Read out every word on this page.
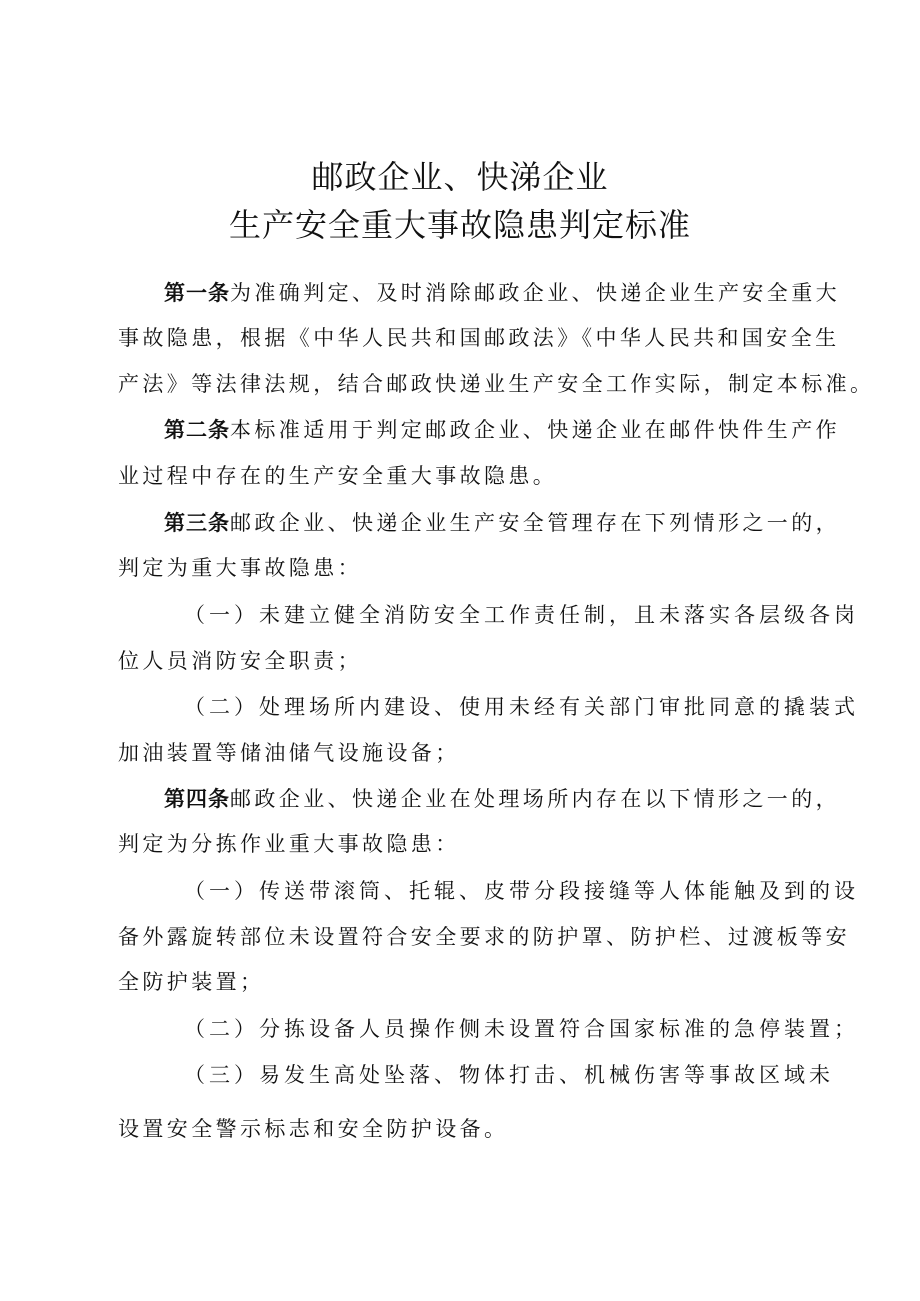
邮政企业、快涕企业
生产安全重大事故隐患判定标准
第一条为准确判定、及时消除邮政企业、快递企业生产安全重大
事故隐患，根据《中华人民共和国邮政法》《中华人民共和国安全生
产法》等法律法规，结合邮政快递业生产安全工作实际，制定本标准。
第二条本标准适用于判定邮政企业、快递企业在邮件快件生产作
业过程中存在的生产安全重大事故隐患。
第三条邮政企业、快递企业生产安全管理存在下列情形之一的，
判定为重大事故隐患：
（一）未建立健全消防安全工作责任制，且未落实各层级各岗
位人员消防安全职责；
（二）处理场所内建设、使用未经有关部门审批同意的撬装式
加油装置等储油储气设施设备；
第四条邮政企业、快递企业在处理场所内存在以下情形之一的，
判定为分拣作业重大事故隐患：
（一）传送带滚筒、托辊、皮带分段接缝等人体能触及到的设
备外露旋转部位未设置符合安全要求的防护罩、防护栏、过渡板等安
全防护装置；
（二）分拣设备人员操作侧未设置符合国家标准的急停装置；
（三）易发生高处坠落、物体打击、机械伤害等事故区域未
设置安全警示标志和安全防护设备。
